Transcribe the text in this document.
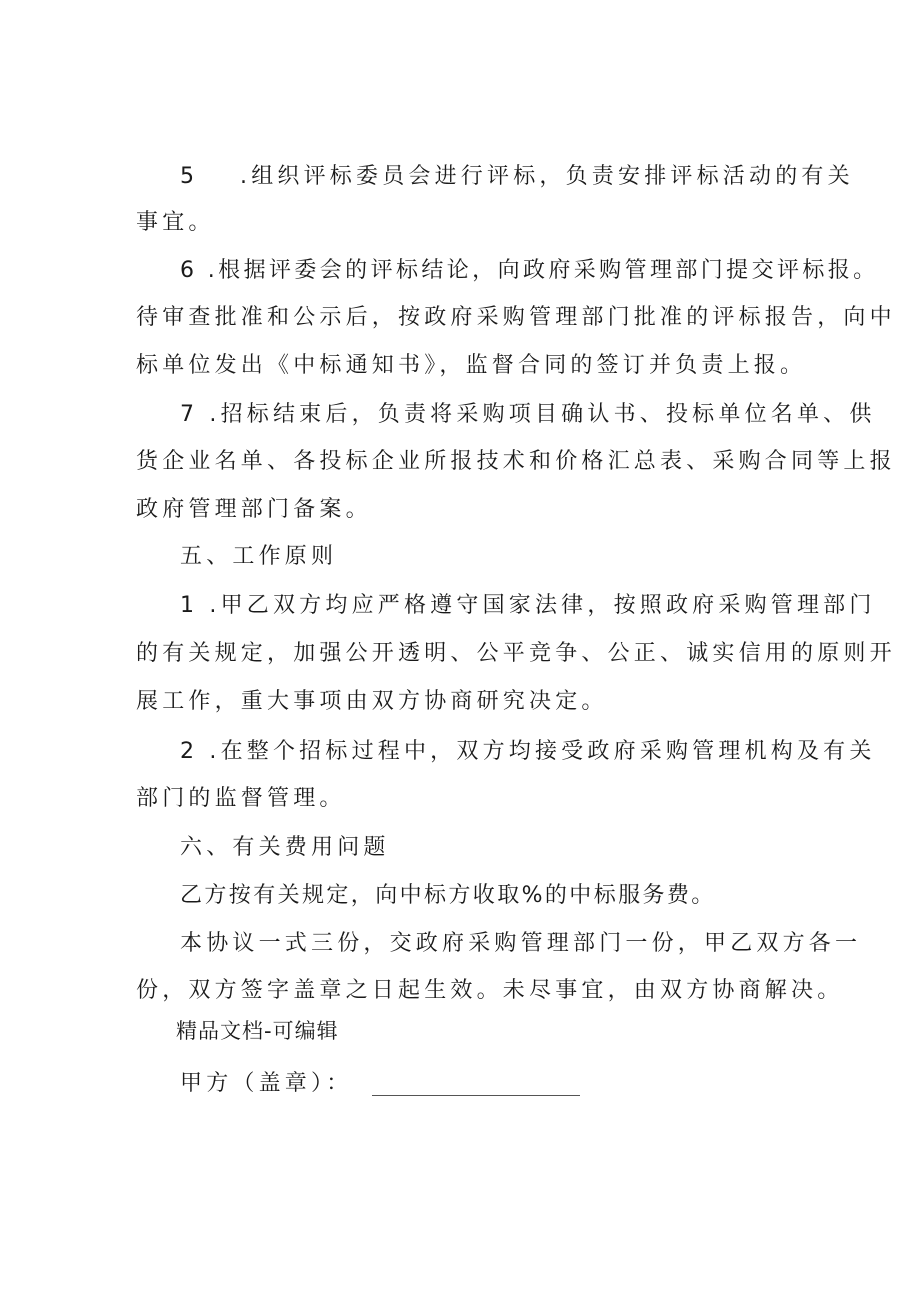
5 .组织评标委员会进行评标，负责安排评标活动的有关
事宜。
6 .根据评委会的评标结论，向政府采购管理部门提交评标报。
待审查批准和公示后，按政府采购管理部门批准的评标报告，向中
标单位发出《中标通知书》，监督合同的签订并负责上报。
7 .招标结束后，负责将采购项目确认书、投标单位名单、供
货企业名单、各投标企业所报技术和价格汇总表、采购合同等上报
政府管理部门备案。
五、工作原则
1 .甲乙双方均应严格遵守国家法律，按照政府采购管理部门
的有关规定，加强公开透明、公平竞争、公正、诚实信用的原则开
展工作，重大事项由双方协商研究决定。
2 .在整个招标过程中，双方均接受政府采购管理机构及有关
部门的监督管理。
六、有关费用问题
乙方按有关规定，向中标方收取%的中标服务费。
本协议一式三份，交政府采购管理部门一份，甲乙双方各一
份，双方签字盖章之日起生效。未尽事宜，由双方协商解决。
精品文档-可编辑
甲方（盖章）：
